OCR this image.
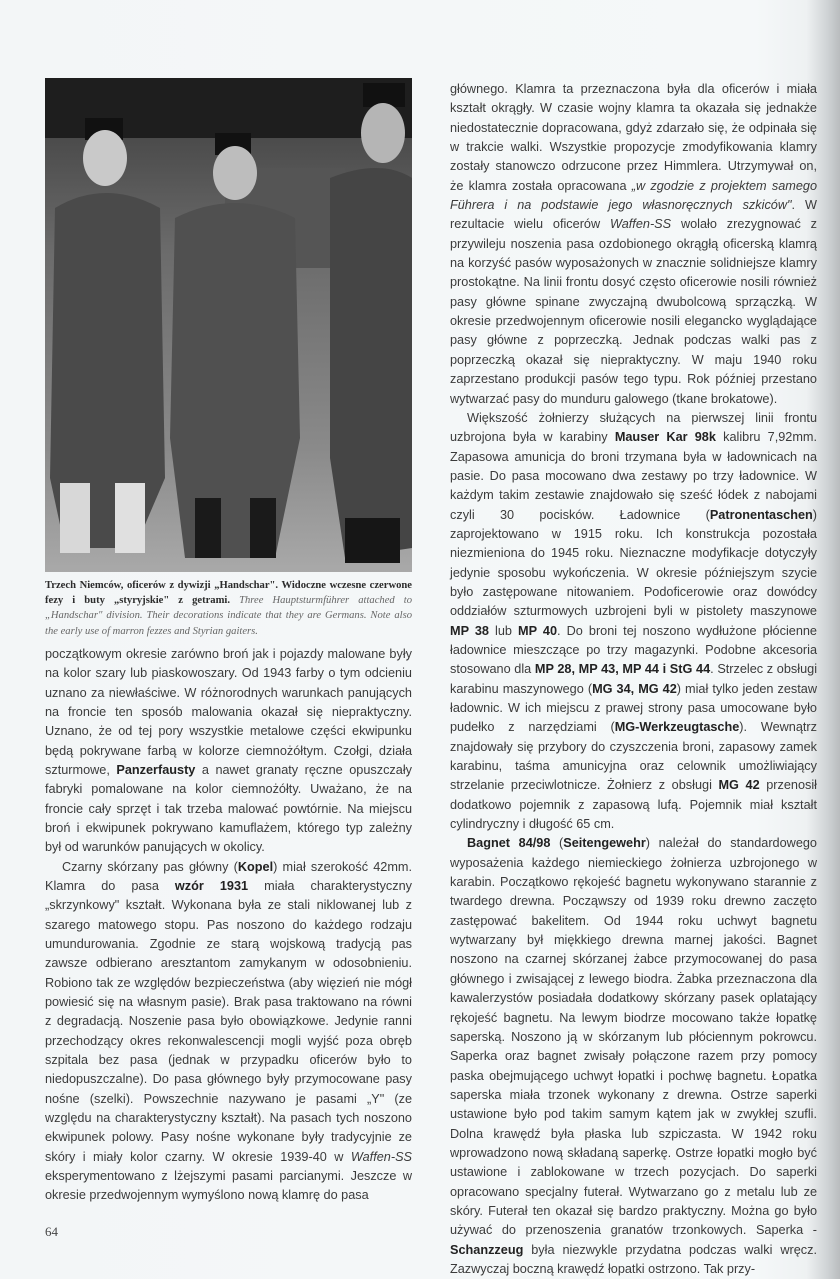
Trzech Niemców, oficerów z dywizji „Handschar". Widoczne wczesne czerwone fezy i buty „styryjskie" z getrami. Three Hauptsturmführer attached to „Handschar" division. Their decorations indicate that they are Germans. Note also the early use of marron fezzes and Styrian gaiters.

początkowym okresie zarówno broń jak i pojazdy malowane były na kolor szary lub piaskowoszary. Od 1943 farby o tym odcieniu uznano za niewłaściwe. W różnorodnych warunkach panujących na froncie ten sposób malowania okazał się niepraktyczny. Uznano, że od tej pory wszystkie metalowe części ekwipunku będą pokrywane farbą w kolorze ciemnożółtym. Czołgi, działa szturmowe, Panzerfausty a nawet granaty ręczne opuszczały fabryki pomalowane na kolor ciemnożółty. Uważano, że na froncie cały sprzęt i tak trzeba malować powtórnie. Na miejscu broń i ekwipunek pokrywano kamuflażem, którego typ zależny był od warunków panujących w okolicy.

Czarny skórzany pas główny (Kopel) miał szerokość 42mm. Klamra do pasa wzór 1931 miała charakterystyczny „skrzynkowy" kształt. Wykonana była ze stali niklowanej lub z szarego matowego stopu. Pas noszono do każdego rodzaju umundurowania. Zgodnie ze starą wojskową tradycją pas zawsze odbierano aresztantom zamykanym w odosobnieniu. Robiono tak ze względów bezpieczeństwa (aby więzień nie mógł powiesić się na własnym pasie). Brak pasa traktowano na równi z degradacją. Noszenie pasa było obowiązkowe. Jedynie ranni przechodzący okres rekonwalescencji mogli wyjść poza obręb szpitala bez pasa (jednak w przypadku oficerów było to niedopuszczalne). Do pasa głównego były przymocowane pasy nośne (szelki). Powszechnie nazywano je pasami „Y" (ze względu na charakterystyczny kształt). Na pasach tych noszono ekwipunek polowy. Pasy nośne wykonane były tradycyjnie ze skóry i miały kolor czarny. W okresie 1939-40 w Waffen-SS eksperymentowano z lżejszymi pasami parcianymi. Jeszcze w okresie przedwojennym wymyślono nową klamrę do pasa

64

głównego. Klamra ta przeznaczona była dla oficerów i miała kształt okrągły. W czasie wojny klamra ta okazała się jednakże niedostatecznie dopracowana, gdyż zdarzało się, że odpinała się w trakcie walki. Wszystkie propozycje zmodyfikowania klamry zostały stanowczo odrzucone przez Himmlera. Utrzymywał on, że klamra została opracowana „w zgodzie z projektem samego Führera i na podstawie jego własnoręcznych szkiców". W rezultacie wielu oficerów Waffen-SS wolało zrezygnować z przywileju noszenia pasa ozdobionego okrągłą oficerską klamrą na korzyść pasów wyposażonych w znacznie solidniejsze klamry prostokątne. Na linii frontu dosyć często oficerowie nosili również pasy główne spinane zwyczajną dwubolcową sprzączką. W okresie przedwojennym oficerowie nosili elegancko wyglądające pasy główne z poprzeczką. Jednak podczas walki pas z poprzeczką okazał się niepraktyczny. W maju 1940 roku zaprzestano produkcji pasów tego typu. Rok później przestano wytwarzać pasy do munduru galowego (tkane brokatowe).

Większość żołnierzy służących na pierwszej linii frontu uzbrojona była w karabiny Mauser Kar 98k kalibru 7,92mm. Zapasowa amunicja do broni trzymana była w ładownicach na pasie. Do pasa mocowano dwa zestawy po trzy ładownice. W każdym takim zestawie znajdowało się sześć łódek z nabojami czyli 30 pocisków. Ładownice (Patronentaschen) zaprojektowano w 1915 roku. Ich konstrukcja pozostała niezmieniona do 1945 roku. Nieznaczne modyfikacje dotyczyły jedynie sposobu wykończenia. W okresie późniejszym szycie było zastępowane nitowaniem. Podoficerowie oraz dowódcy oddziałów szturmowych uzbrojeni byli w pistolety maszynowe MP 38 lub MP 40. Do broni tej noszono wydłużone płócienne ładownice mieszczące po trzy magazynki. Podobne akcesoria stosowano dla MP 28, MP 43, MP 44 i StG 44. Strzelec z obsługi karabinu maszynowego (MG 34, MG 42) miał tylko jeden zestaw ładownic. W ich miejscu z prawej strony pasa umocowane było pudełko z narzędziami (MG-Werkzeugtasche). Wewnątrz znajdowały się przybory do czyszczenia broni, zapasowy zamek karabinu, taśma amunicyjna oraz celownik umożliwiający strzelanie przeciwlotnicze. Żołnierz z obsługi MG 42 przenosił dodatkowo pojemnik z zapasową lufą. Pojemnik miał kształt cylindryczny i długość 65 cm.

Bagnet 84/98 (Seitengewehr) należał do standardowego wyposażenia każdego niemieckiego żołnierza uzbrojonego w karabin. Początkowo rękojeść bagnetu wykonywano starannie z twardego drewna. Począwszy od 1939 roku drewno zaczęto zastępować bakelitem. Od 1944 roku uchwyt bagnetu wytwarzany był miękkiego drewna marnej jakości. Bagnet noszono na czarnej skórzanej żabce przymocowanej do pasa głównego i zwisającej z lewego biodra. Żabka przeznaczona dla kawalerzystów posiadała dodatkowy skórzany pasek oplatający rękojeść bagnetu. Na lewym biodrze mocowano także łopatkę saperską. Noszono ją w skórzanym lub płóciennym pokrowcu. Saperka oraz bagnet zwisały połączone razem przy pomocy paska obejmującego uchwyt łopatki i pochwę bagnetu. Łopatka saperska miała trzonek wykonany z drewna. Ostrze saperki ustawione było pod takim samym kątem jak w zwykłej szufli. Dolna krawędź była płaska lub szpiczasta. W 1942 roku wprowadzono nową składaną saperkę. Ostrze łopatki mogło być ustawione i zablokowane w trzech pozycjach. Do saperki opracowano specjalny futerał. Wytwarzano go z metalu lub ze skóry. Futerał ten okazał się bardzo praktyczny. Można go było używać do przenoszenia granatów trzonkowych. Saperka - Schanzzeug była niezwykle przydatna podczas walki wręcz. Zazwyczaj boczną krawędź łopatki ostrzono. Tak przy-
